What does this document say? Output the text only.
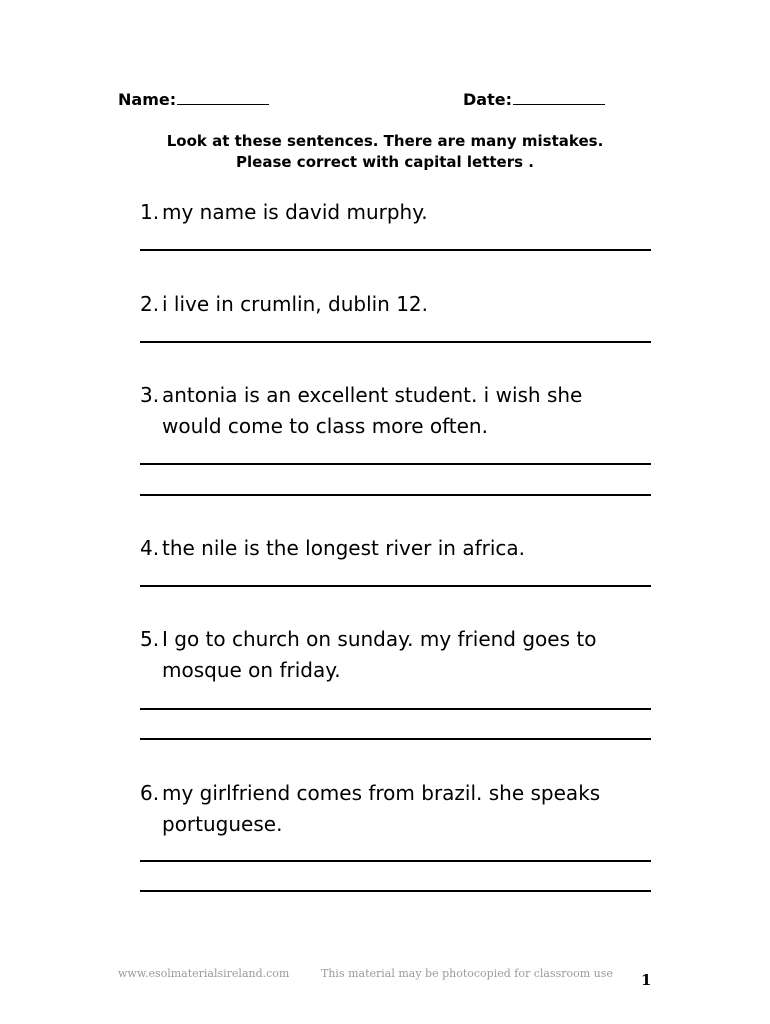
Name:	Date:
Look at these sentences. There are many mistakes.
Please correct with capital letters .
1. my name is david murphy.
2. i live in crumlin, dublin 12.
3. antonia is an excellent student. i wish she
would come to class more often.
4. the nile is the longest river in africa.
5. I go to church on sunday. my friend goes to
mosque on friday.
6. my girlfriend comes from brazil. she speaks
portuguese.
www.esolmaterialsireland.com	This material may be photocopied for classroom use 1
